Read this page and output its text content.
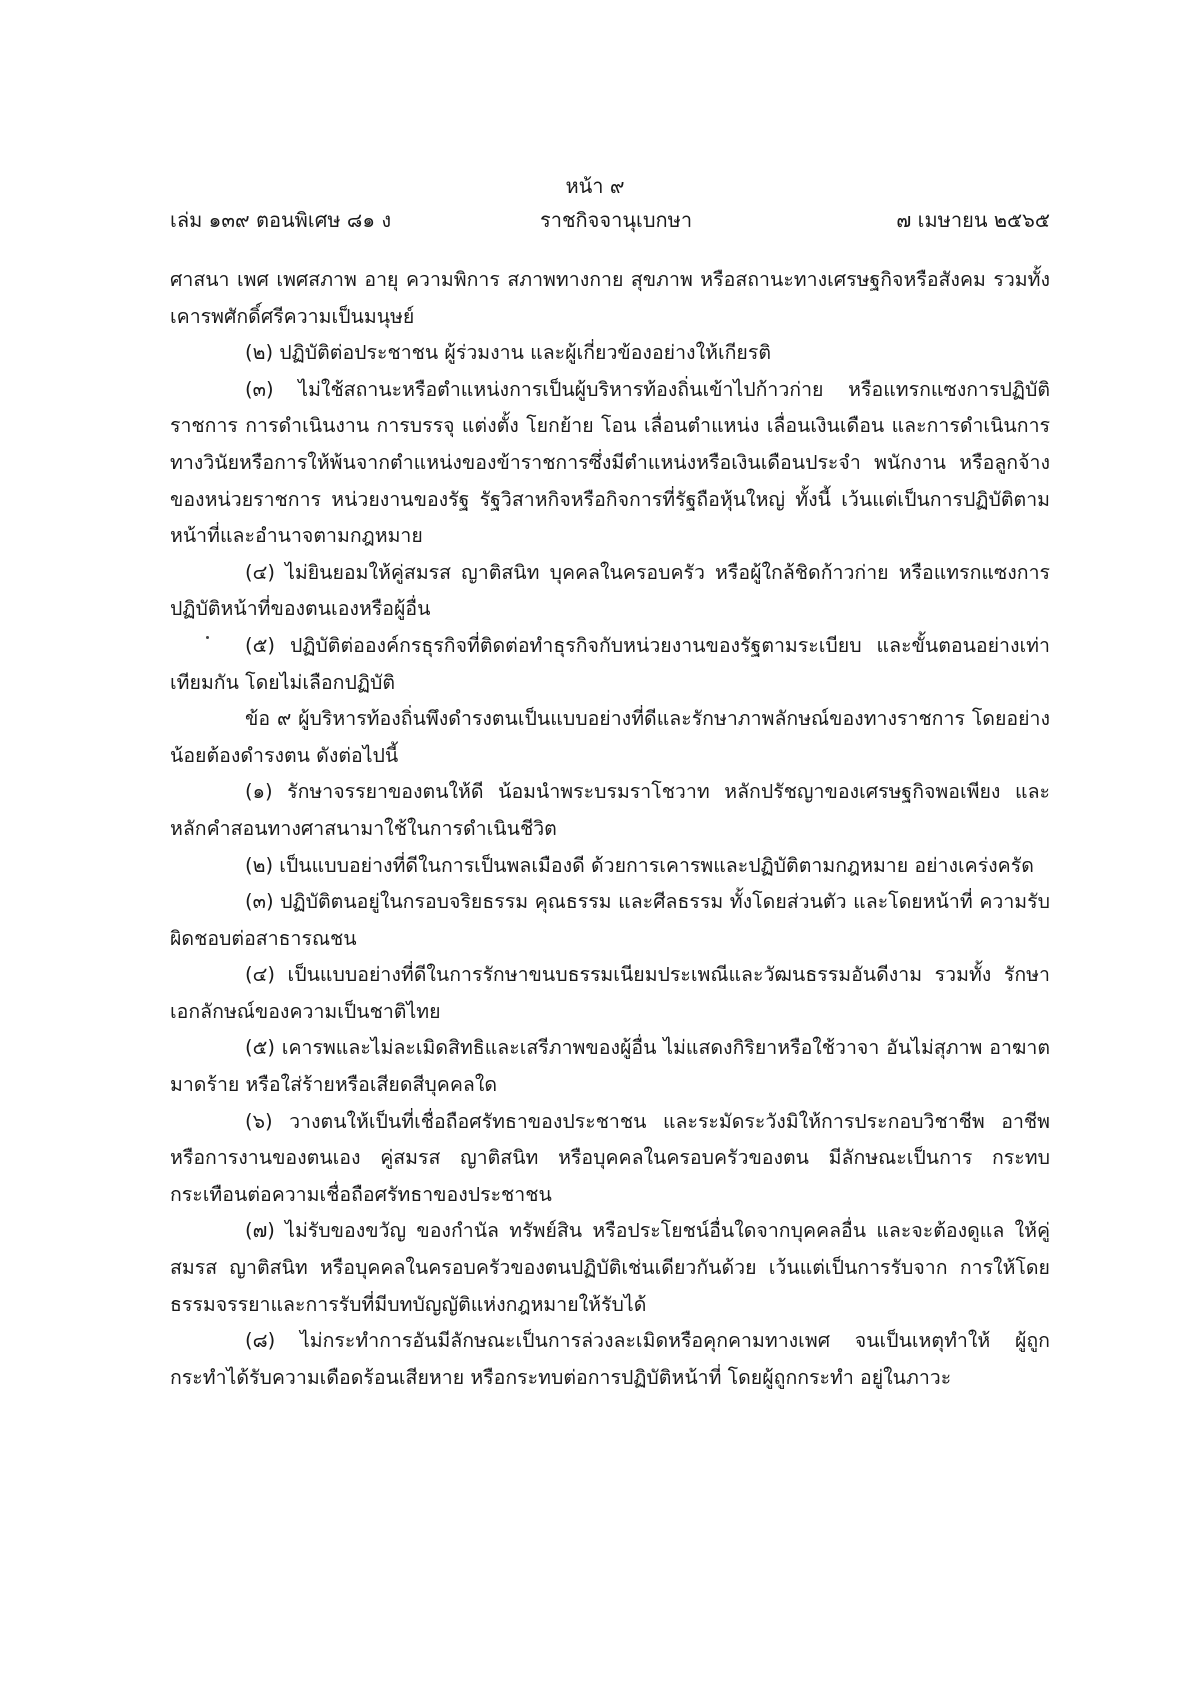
หน้า ๙
เล่ม ๑๓๙ ตอนพิเศษ ๘๑ ง	ราชกิจจานุเบกษา	๗ เมษายน ๒๕๖๕

ศาสนา เพศ เพศสภาพ อายุ ความพิการ สภาพทางกาย สุขภาพ หรือสถานะทางเศรษฐกิจหรือสังคม รวมทั้งเคารพศักดิ์ศรีความเป็นมนุษย์

(๒) ปฏิบัติต่อประชาชน ผู้ร่วมงาน และผู้เกี่ยวข้องอย่างให้เกียรติ

(๓) ไม่ใช้สถานะหรือตำแหน่งการเป็นผู้บริหารท้องถิ่นเข้าไปก้าวก่าย หรือแทรกแซงการปฏิบัติราชการ การดำเนินงาน การบรรจุ แต่งตั้ง โยกย้าย โอน เลื่อนตำแหน่ง เลื่อนเงินเดือน และการดำเนินการทางวินัยหรือการให้พ้นจากตำแหน่งของข้าราชการซึ่งมีตำแหน่งหรือเงินเดือนประจำ พนักงาน หรือลูกจ้างของหน่วยราชการ หน่วยงานของรัฐ รัฐวิสาหกิจหรือกิจการที่รัฐถือหุ้นใหญ่ ทั้งนี้ เว้นแต่เป็นการปฏิบัติตามหน้าที่และอำนาจตามกฎหมาย

(๔) ไม่ยินยอมให้คู่สมรส ญาติสนิท บุคคลในครอบครัว หรือผู้ใกล้ชิดก้าวก่าย หรือแทรกแซงการปฏิบัติหน้าที่ของตนเองหรือผู้อื่น

(๕) ปฏิบัติต่อองค์กรธุรกิจที่ติดต่อทำธุรกิจกับหน่วยงานของรัฐตามระเบียบ และขั้นตอนอย่างเท่าเทียมกัน โดยไม่เลือกปฏิบัติ

ข้อ ๙ ผู้บริหารท้องถิ่นพึงดำรงตนเป็นแบบอย่างที่ดีและรักษาภาพลักษณ์ของทางราชการ โดยอย่างน้อยต้องดำรงตน ดังต่อไปนี้

(๑) รักษาจรรยาของตนให้ดี น้อมนำพระบรมราโชวาท หลักปรัชญาของเศรษฐกิจพอเพียง และหลักคำสอนทางศาสนามาใช้ในการดำเนินชีวิต

(๒) เป็นแบบอย่างที่ดีในการเป็นพลเมืองดี ด้วยการเคารพและปฏิบัติตามกฎหมาย อย่างเคร่งครัด

(๓) ปฏิบัติตนอยู่ในกรอบจริยธรรม คุณธรรม และศีลธรรม ทั้งโดยส่วนตัว และโดยหน้าที่ ความรับผิดชอบต่อสาธารณชน

(๔) เป็นแบบอย่างที่ดีในการรักษาขนบธรรมเนียมประเพณีและวัฒนธรรมอันดีงาม รวมทั้ง รักษาเอกลักษณ์ของความเป็นชาติไทย

(๕) เคารพและไม่ละเมิดสิทธิและเสรีภาพของผู้อื่น ไม่แสดงกิริยาหรือใช้วาจา อันไม่สุภาพ อาฆาตมาดร้าย หรือใส่ร้ายหรือเสียดสีบุคคลใด

(๖) วางตนให้เป็นที่เชื่อถือศรัทธาของประชาชน และระมัดระวังมิให้การประกอบวิชาชีพ อาชีพ หรือการงานของตนเอง คู่สมรส ญาติสนิท หรือบุคคลในครอบครัวของตน มีลักษณะเป็นการ กระทบกระเทือนต่อความเชื่อถือศรัทธาของประชาชน

(๗) ไม่รับของขวัญ ของกำนัล ทรัพย์สิน หรือประโยชน์อื่นใดจากบุคคลอื่น และจะต้องดูแล ให้คู่สมรส ญาติสนิท หรือบุคคลในครอบครัวของตนปฏิบัติเช่นเดียวกันด้วย เว้นแต่เป็นการรับจาก การให้โดยธรรมจรรยาและการรับที่มีบทบัญญัติแห่งกฎหมายให้รับได้

(๘) ไม่กระทำการอันมีลักษณะเป็นการล่วงละเมิดหรือคุกคามทางเพศ จนเป็นเหตุทำให้ ผู้ถูกกระทำได้รับความเดือดร้อนเสียหาย หรือกระทบต่อการปฏิบัติหน้าที่ โดยผู้ถูกกระทำ อยู่ในภาวะ
